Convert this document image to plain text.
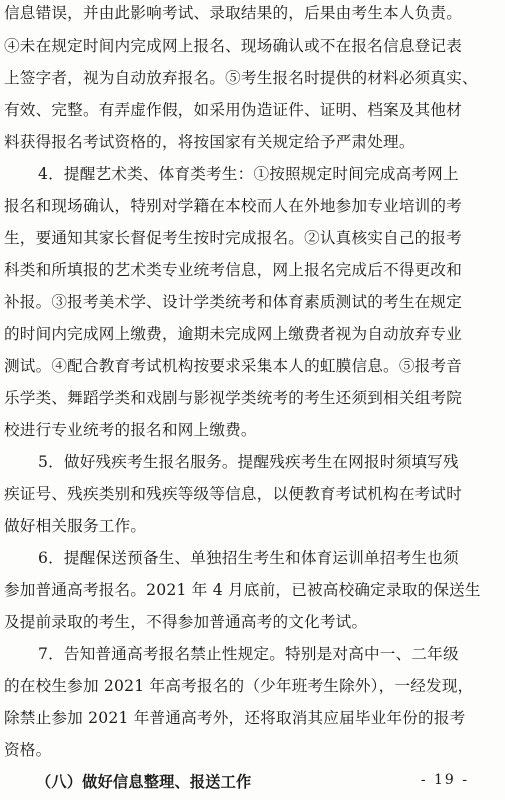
信息错误，并由此影响考试、录取结果的，后果由考生本人负责。
④未在规定时间内完成网上报名、现场确认或不在报名信息登记表
上签字者，视为自动放弃报名。⑤考生报名时提供的材料必须真实、
有效、完整。有弄虚作假，如采用伪造证件、证明、档案及其他材
料获得报名考试资格的，将按国家有关规定给予严肃处理。
4．提醒艺术类、体育类考生：①按照规定时间完成高考网上
报名和现场确认，特别对学籍在本校而人在外地参加专业培训的考
生，要通知其家长督促考生按时完成报名。②认真核实自己的报考
科类和所填报的艺术类专业统考信息，网上报名完成后不得更改和
补报。③报考美术学、设计学类统考和体育素质测试的考生在规定
的时间内完成网上缴费，逾期未完成网上缴费者视为自动放弃专业
测试。④配合教育考试机构按要求采集本人的虹膜信息。⑤报考音
乐学类、舞蹈学类和戏剧与影视学类统考的考生还须到相关组考院
校进行专业统考的报名和网上缴费。
5．做好残疾考生报名服务。提醒残疾考生在网报时须填写残
疾证号、残疾类别和残疾等级等信息，以便教育考试机构在考试时
做好相关服务工作。
6．提醒保送预备生、单独招生考生和体育运训单招考生也须
参加普通高考报名。2021 年 4 月底前，已被高校确定录取的保送生
及提前录取的考生，不得参加普通高考的文化考试。
7．告知普通高考报名禁止性规定。特别是对高中一、二年级
的在校生参加 2021 年高考报名的（少年班考生除外），一经发现，
除禁止参加 2021 年普通高考外，还将取消其应届毕业年份的报考
资格。
（八）做好信息整理、报送工作	- 19 -
